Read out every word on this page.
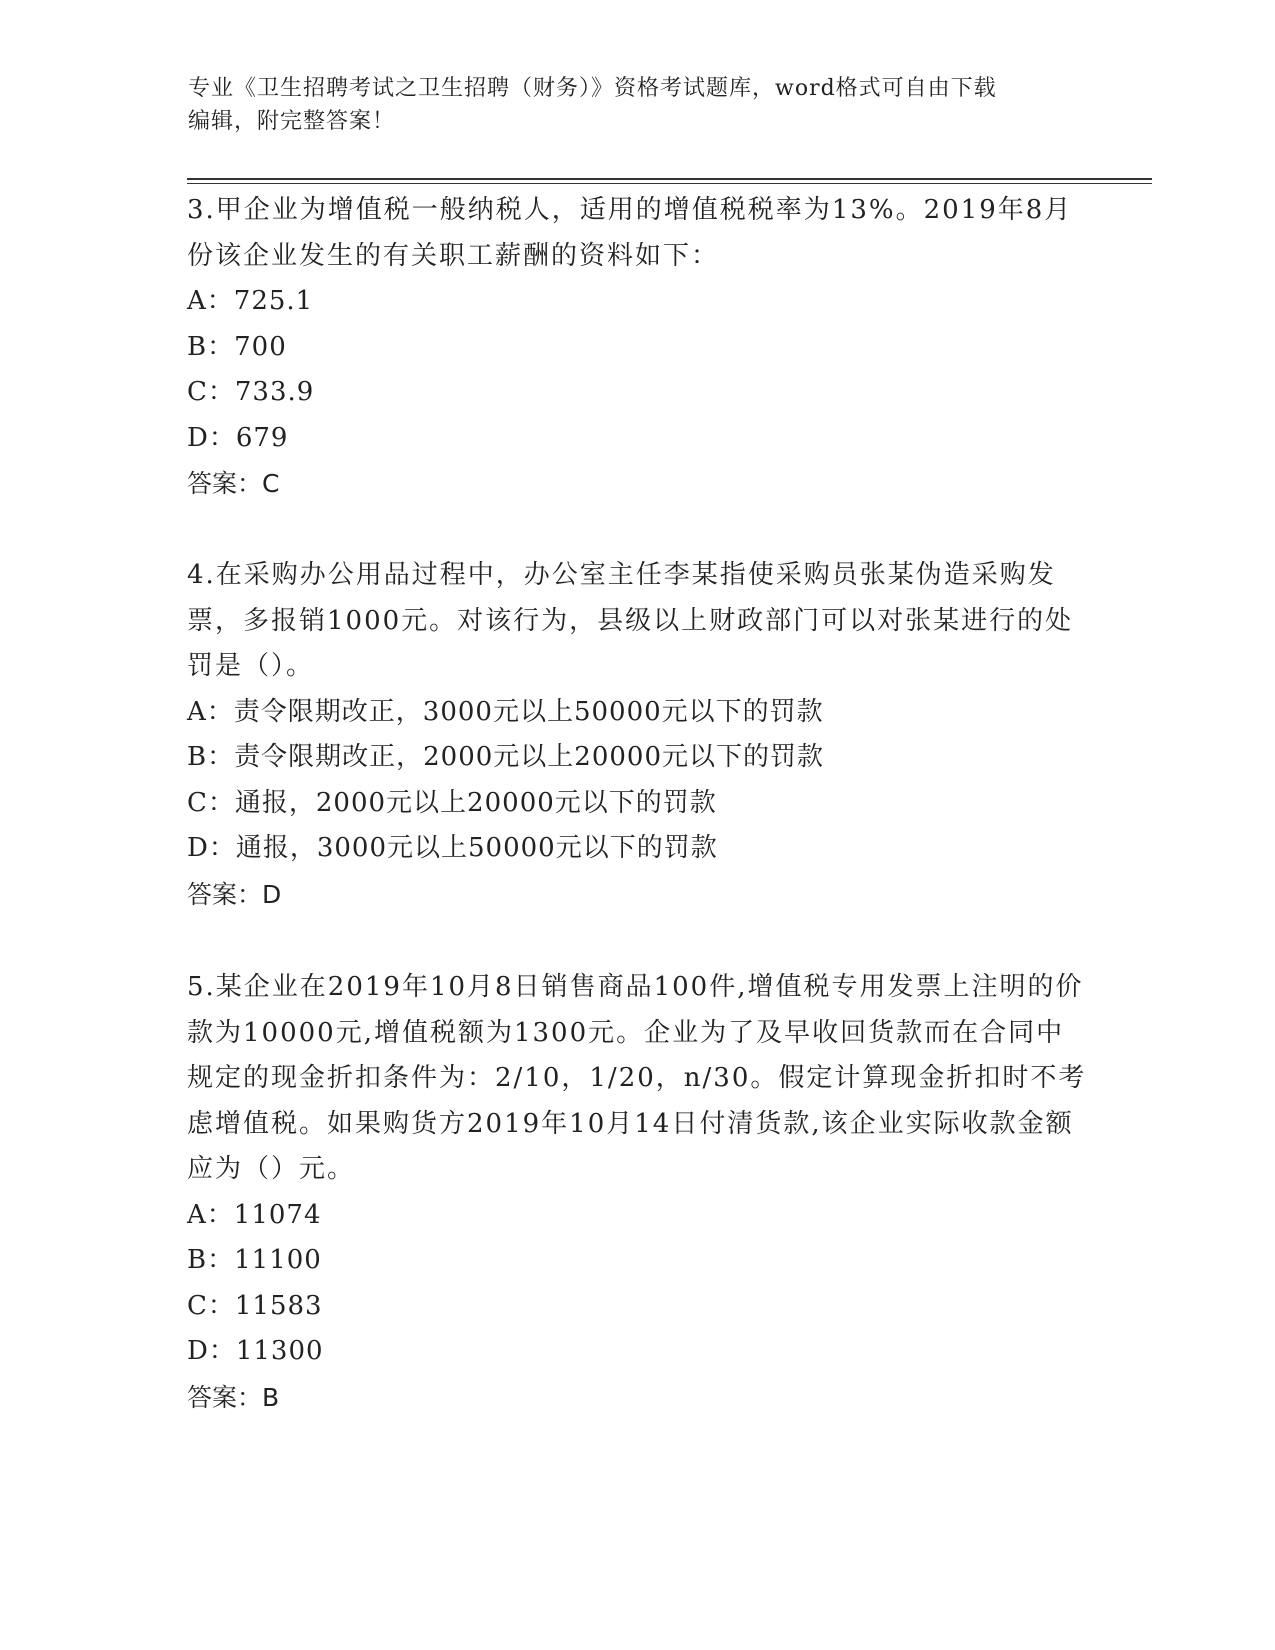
专业《卫生招聘考试之卫生招聘（财务）》资格考试题库，word格式可自由下载
编辑，附完整答案！
3.甲企业为增值税一般纳税人，适用的增值税税率为13%。2019年8月份该企业发生的有关职工薪酬的资料如下：
A：725.1
B：700
C：733.9
D：679
答案：C
4.在采购办公用品过程中，办公室主任李某指使采购员张某伪造采购发票，多报销1000元。对该行为，县级以上财政部门可以对张某进行的处罚是（）。
A：责令限期改正，3000元以上50000元以下的罚款
B：责令限期改正，2000元以上20000元以下的罚款
C：通报，2000元以上20000元以下的罚款
D：通报，3000元以上50000元以下的罚款
答案：D
5.某企业在2019年10月8日销售商品100件,增值税专用发票上注明的价款为10000元,增值税额为1300元。企业为了及早收回货款而在合同中规定的现金折扣条件为：2/10，1/20，n/30。假定计算现金折扣时不考虑增值税。如果购货方2019年10月14日付清货款,该企业实际收款金额应为（）元。
A：11074
B：11100
C：11583
D：11300
答案：B
